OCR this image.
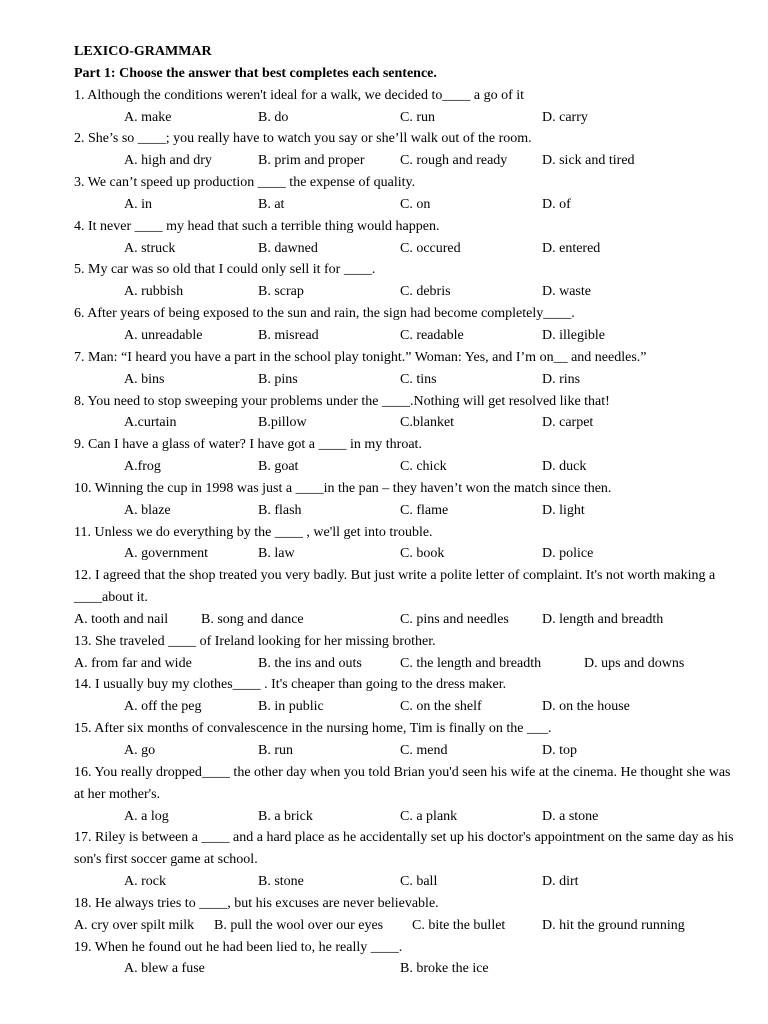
LEXICO-GRAMMAR
Part 1: Choose the answer that best completes each sentence.
1. Although the conditions weren't ideal for a walk, we decided to____ a go of it
A. make	B. do	C. run	D. carry
2. She’s so ____; you really have to watch you say or she’ll walk out of the room.
A. high and dry	B. prim and proper	C. rough and ready	D. sick and tired
3. We can’t speed up production ____ the expense of quality.
A. in	B. at	C. on	D. of
4. It never ____ my head that such a terrible thing would happen.
A. struck	B. dawned	C. occured	D. entered
5. My car was so old that I could only sell it for ____.
A. rubbish	B. scrap	C. debris	D. waste
6. After years of being exposed to the sun and rain, the sign had become completely____.
A. unreadable	B. misread	C. readable	D. illegible
7. Man: “I heard you have a part in the school play tonight.” Woman: Yes, and I’m on__ and needles.”
A. bins	B. pins	C. tins	D. rins
8. You need to stop sweeping your problems under the ____.Nothing will get resolved like that!
A.curtain	B.pillow	C.blanket	D. carpet
9. Can I have a glass of water? I have got a ____ in my throat.
A.frog	B. goat	C. chick	D. duck
10. Winning the cup in 1998 was just a ____in the pan – they haven’t won the match since then.
A. blaze	B. flash	C. flame	D. light
11. Unless we do everything by the ____ , we'll get into trouble.
A. government	B. law	C. book	D. police
12. I agreed that the shop treated you very badly. But just write a polite letter of complaint. It's not worth making a ____about it.
A. tooth and nail	B. song and dance	C. pins and needles	D. length and breadth
13. She traveled ____ of Ireland looking for her missing brother.
A. from far and wide	B. the ins and outs	C. the length and breadth	D. ups and downs
14. I usually buy my clothes____ . It's cheaper than going to the dress maker.
A. off the peg	B. in public	C. on the shelf	D. on the house
15. After six months of convalescence in the nursing home, Tim is finally on the ___.
A. go	B. run	C. mend	D. top
16. You really dropped____ the other day when you told Brian you'd seen his wife at the cinema. He thought she was at her mother's.
A. a log	B. a brick	C. a plank	D. a stone
17. Riley is between a ____ and a hard place as he accidentally set up his doctor's appointment on the same day as his son's first soccer game at school.
A. rock	B. stone	C. ball	D. dirt
18. He always tries to ____, but his excuses are never believable.
A. cry over spilt milk	B. pull the wool over our eyes	C. bite the bullet	D. hit the ground running
19. When he found out he had been lied to, he really ____.
A. blew a fuse	B. broke the ice
